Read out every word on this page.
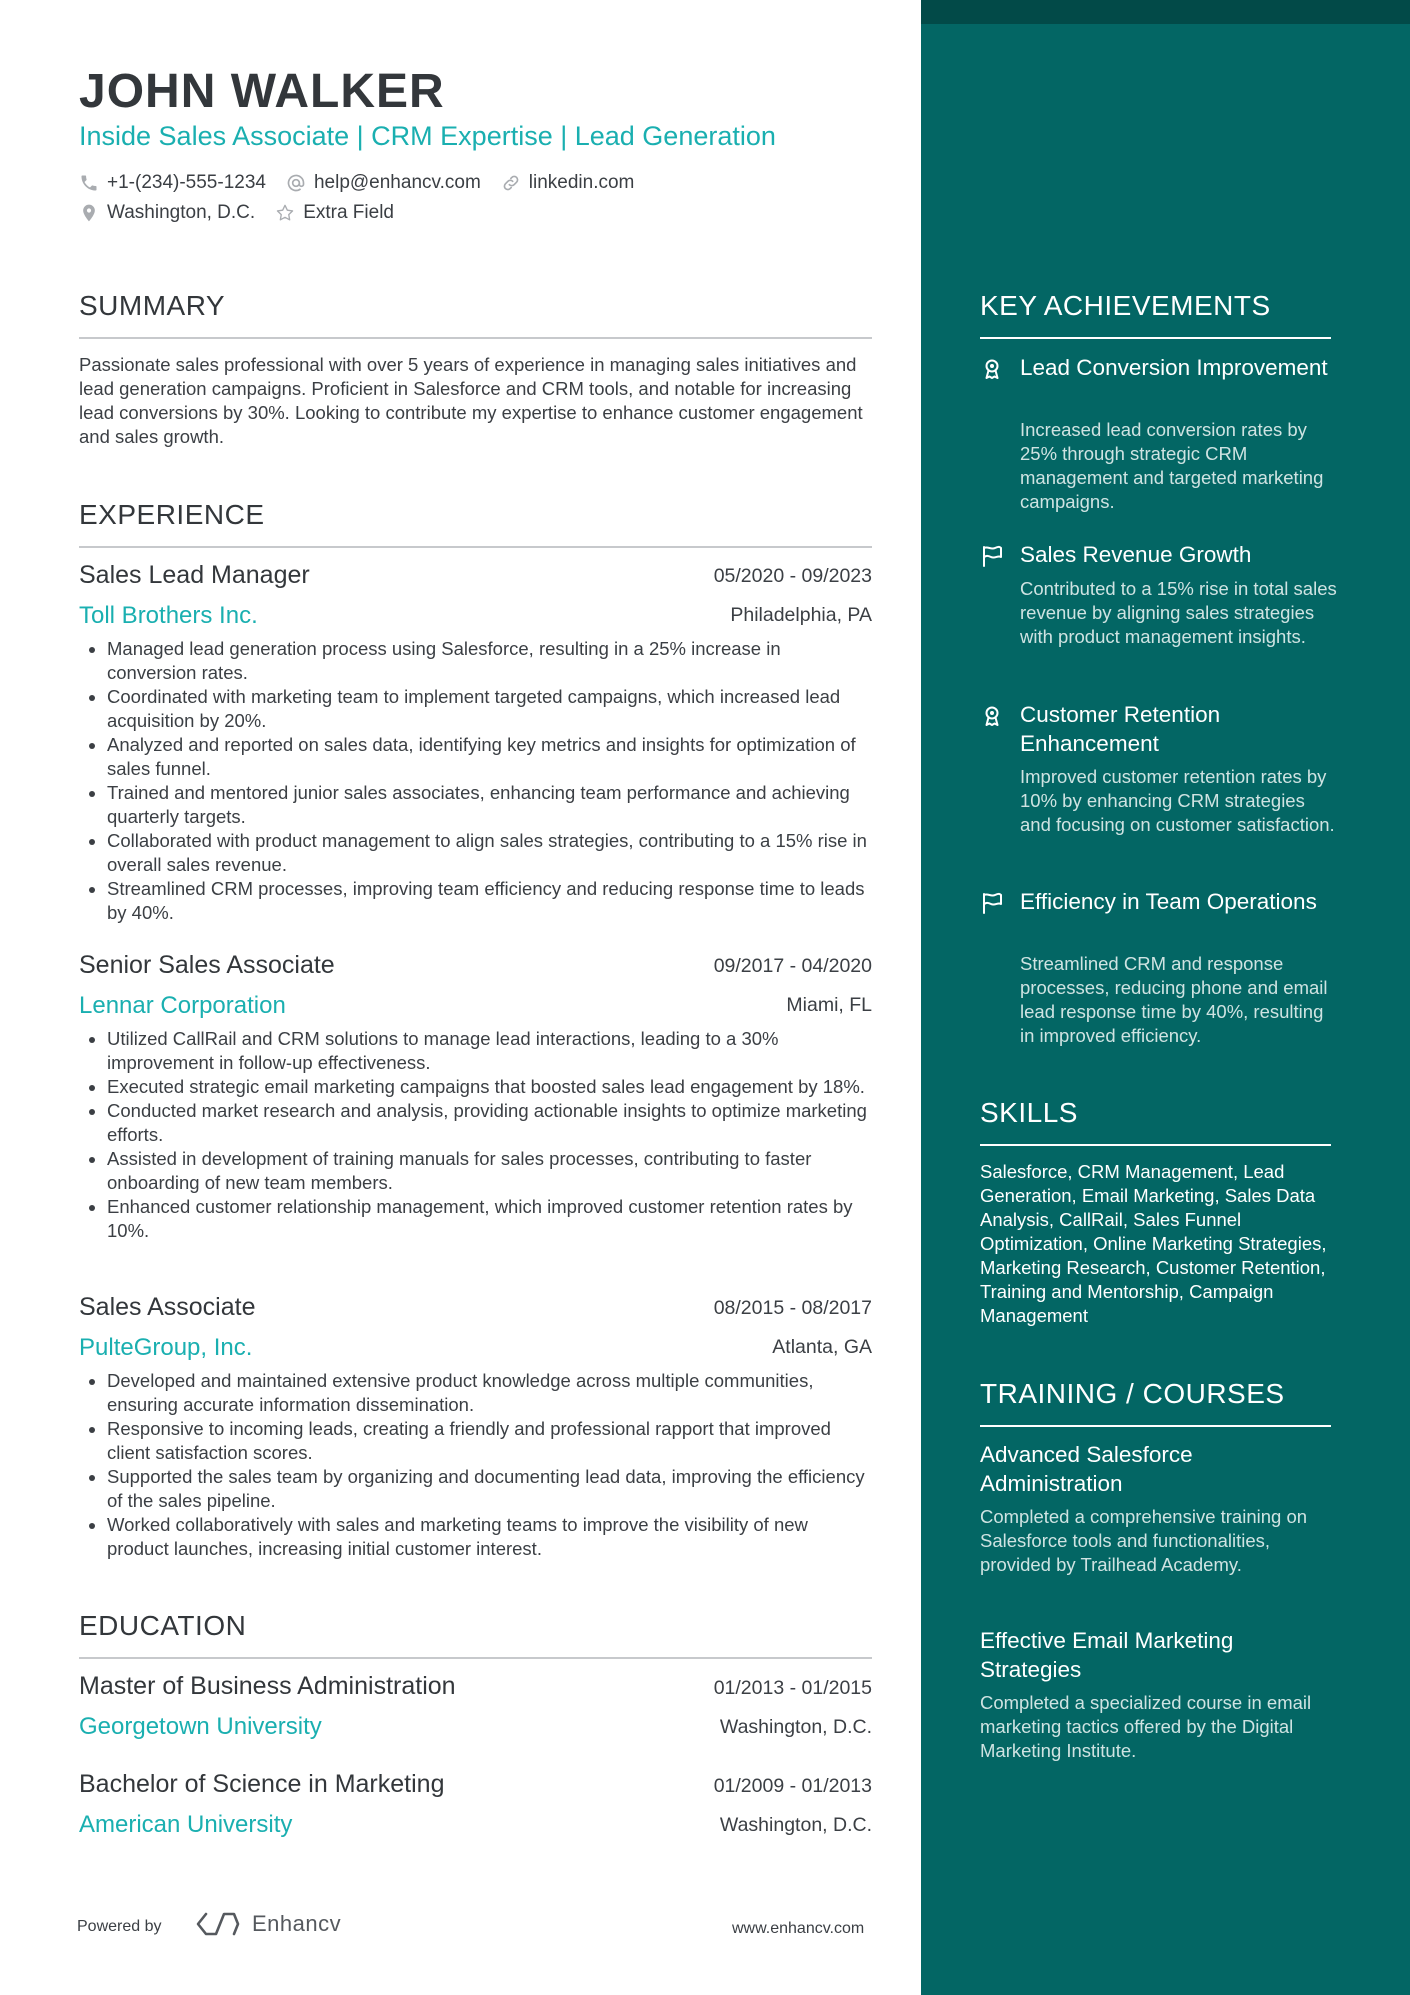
JOHN WALKER
Inside Sales Associate | CRM Expertise | Lead Generation
+1-(234)-555-1234	help@enhancv.com	linkedin.com
Washington, D.C.	Extra Field
SUMMARY
Passionate sales professional with over 5 years of experience in managing sales initiatives and lead generation campaigns. Proficient in Salesforce and CRM tools, and notable for increasing lead conversions by 30%. Looking to contribute my expertise to enhance customer engagement and sales growth.
EXPERIENCE
Sales Lead Manager	05/2020 - 09/2023
Toll Brothers Inc.	Philadelphia, PA
Managed lead generation process using Salesforce, resulting in a 25% increase in conversion rates.
Coordinated with marketing team to implement targeted campaigns, which increased lead acquisition by 20%.
Analyzed and reported on sales data, identifying key metrics and insights for optimization of sales funnel.
Trained and mentored junior sales associates, enhancing team performance and achieving quarterly targets.
Collaborated with product management to align sales strategies, contributing to a 15% rise in overall sales revenue.
Streamlined CRM processes, improving team efficiency and reducing response time to leads by 40%.
Senior Sales Associate	09/2017 - 04/2020
Lennar Corporation	Miami, FL
Utilized CallRail and CRM solutions to manage lead interactions, leading to a 30% improvement in follow-up effectiveness.
Executed strategic email marketing campaigns that boosted sales lead engagement by 18%.
Conducted market research and analysis, providing actionable insights to optimize marketing efforts.
Assisted in development of training manuals for sales processes, contributing to faster onboarding of new team members.
Enhanced customer relationship management, which improved customer retention rates by 10%.
Sales Associate	08/2015 - 08/2017
PulteGroup, Inc.	Atlanta, GA
Developed and maintained extensive product knowledge across multiple communities, ensuring accurate information dissemination.
Responsive to incoming leads, creating a friendly and professional rapport that improved client satisfaction scores.
Supported the sales team by organizing and documenting lead data, improving the efficiency of the sales pipeline.
Worked collaboratively with sales and marketing teams to improve the visibility of new product launches, increasing initial customer interest.
EDUCATION
Master of Business Administration	01/2013 - 01/2015
Georgetown University	Washington, D.C.
Bachelor of Science in Marketing	01/2009 - 01/2013
American University	Washington, D.C.
Powered by	Enhancv	www.enhancv.com
KEY ACHIEVEMENTS
Lead Conversion Improvement
Increased lead conversion rates by 25% through strategic CRM management and targeted marketing campaigns.
Sales Revenue Growth
Contributed to a 15% rise in total sales revenue by aligning sales strategies with product management insights.
Customer Retention Enhancement
Improved customer retention rates by 10% by enhancing CRM strategies and focusing on customer satisfaction.
Efficiency in Team Operations
Streamlined CRM and response processes, reducing phone and email lead response time by 40%, resulting in improved efficiency.
SKILLS
Salesforce, CRM Management, Lead Generation, Email Marketing, Sales Data Analysis, CallRail, Sales Funnel Optimization, Online Marketing Strategies, Marketing Research, Customer Retention, Training and Mentorship, Campaign Management
TRAINING / COURSES
Advanced Salesforce Administration
Completed a comprehensive training on Salesforce tools and functionalities, provided by Trailhead Academy.
Effective Email Marketing Strategies
Completed a specialized course in email marketing tactics offered by the Digital Marketing Institute.
